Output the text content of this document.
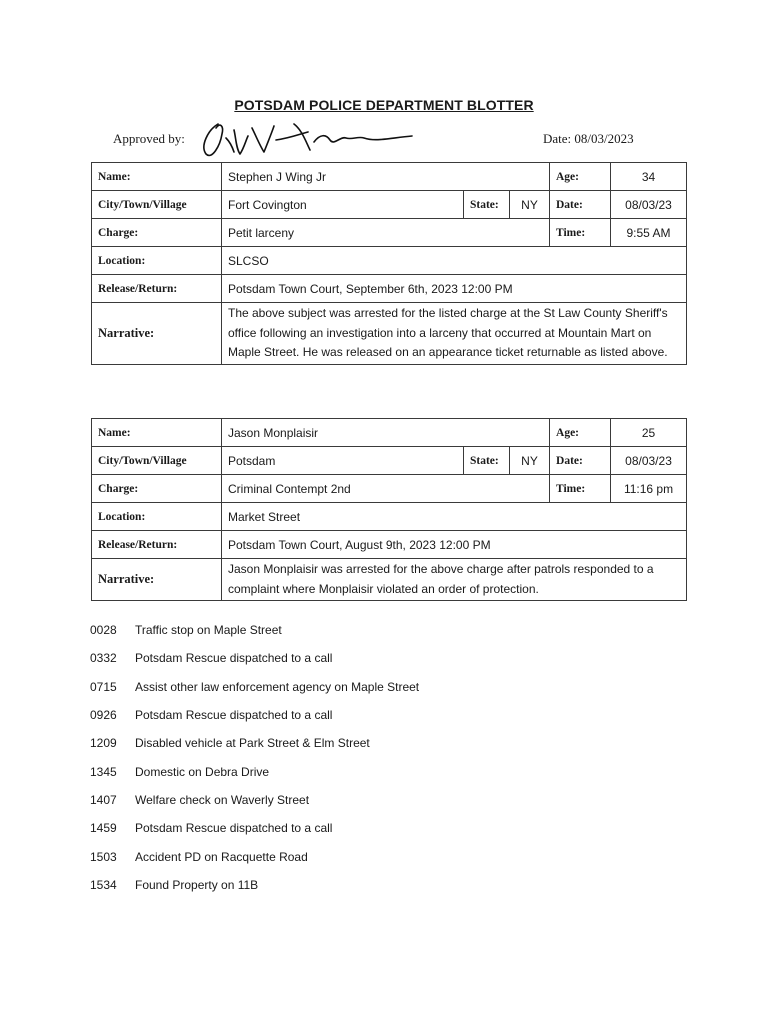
POTSDAM POLICE DEPARTMENT BLOTTER
Approved by:	Date: 08/03/2023
Name:	Stephen J Wing Jr			Age:	34
City/Town/Village	Fort Covington	State:	NY	Date:	08/03/23
Charge:	Petit larceny			Time:	9:55 AM
Location:	SLCSO				
Release/Return:	Potsdam Town Court, September 6th, 2023 12:00 PM				
Narrative:	The above subject was arrested for the listed charge at the St Law County Sheriff's office following an investigation into a larceny that occurred at Mountain Mart on Maple Street. He was released on an appearance ticket returnable as listed above.				
Name:	Jason Monplaisir			Age:	25
City/Town/Village	Potsdam	State:	NY	Date:	08/03/23
Charge:	Criminal Contempt 2nd			Time:	11:16 pm
Location:	Market Street				
Release/Return:	Potsdam Town Court, August 9th, 2023 12:00 PM				
Narrative:	Jason Monplaisir was arrested for the above charge after patrols responded to a complaint where Monplaisir violated an order of protection.				
0028	Traffic stop on Maple Street
0332	Potsdam Rescue dispatched to a call
0715	Assist other law enforcement agency on Maple Street
0926	Potsdam Rescue dispatched to a call
1209	Disabled vehicle at Park Street & Elm Street
1345	Domestic on Debra Drive
1407	Welfare check on Waverly Street
1459	Potsdam Rescue dispatched to a call
1503	Accident PD on Racquette Road
1534	Found Property on 11B
